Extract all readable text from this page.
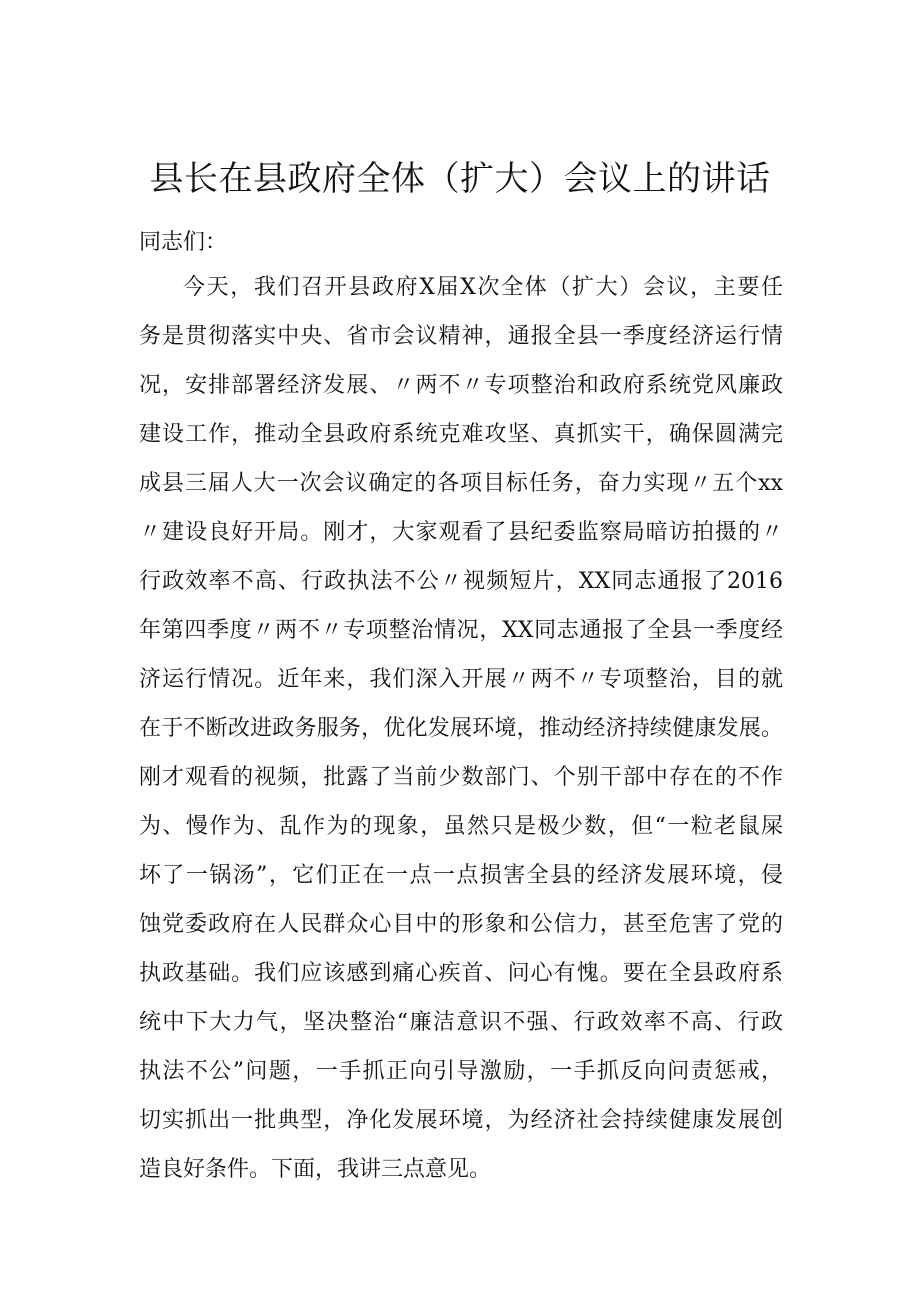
县长在县政府全体（扩大）会议上的讲话
同志们：
今天，我们召开县政府X届X次全体（扩大）会议，主要任
务是贯彻落实中央、省市会议精神，通报全县一季度经济运行情
况，安排部署经济发展、〃两不〃专项整治和政府系统党风廉政
建设工作，推动全县政府系统克难攻坚、真抓实干，确保圆满完
成县三届人大一次会议确定的各项目标任务，奋力实现〃五个xx
〃建设良好开局。刚才，大家观看了县纪委监察局暗访拍摄的〃
行政效率不高、行政执法不公〃视频短片，XX同志通报了2016
年第四季度〃两不〃专项整治情况，XX同志通报了全县一季度经
济运行情况。近年来，我们深入开展〃两不〃专项整治，目的就
在于不断改进政务服务，优化发展环境，推动经济持续健康发展。
刚才观看的视频，批露了当前少数部门、个别干部中存在的不作
为、慢作为、乱作为的现象，虽然只是极少数，但“一粒老鼠屎
坏了一锅汤”，它们正在一点一点损害全县的经济发展环境，侵
蚀党委政府在人民群众心目中的形象和公信力，甚至危害了党的
执政基础。我们应该感到痛心疾首、问心有愧。要在全县政府系
统中下大力气，坚决整治“廉洁意识不强、行政效率不高、行政
执法不公”问题，一手抓正向引导激励，一手抓反向问责惩戒，
切实抓出一批典型，净化发展环境，为经济社会持续健康发展创
造良好条件。下面，我讲三点意见。
